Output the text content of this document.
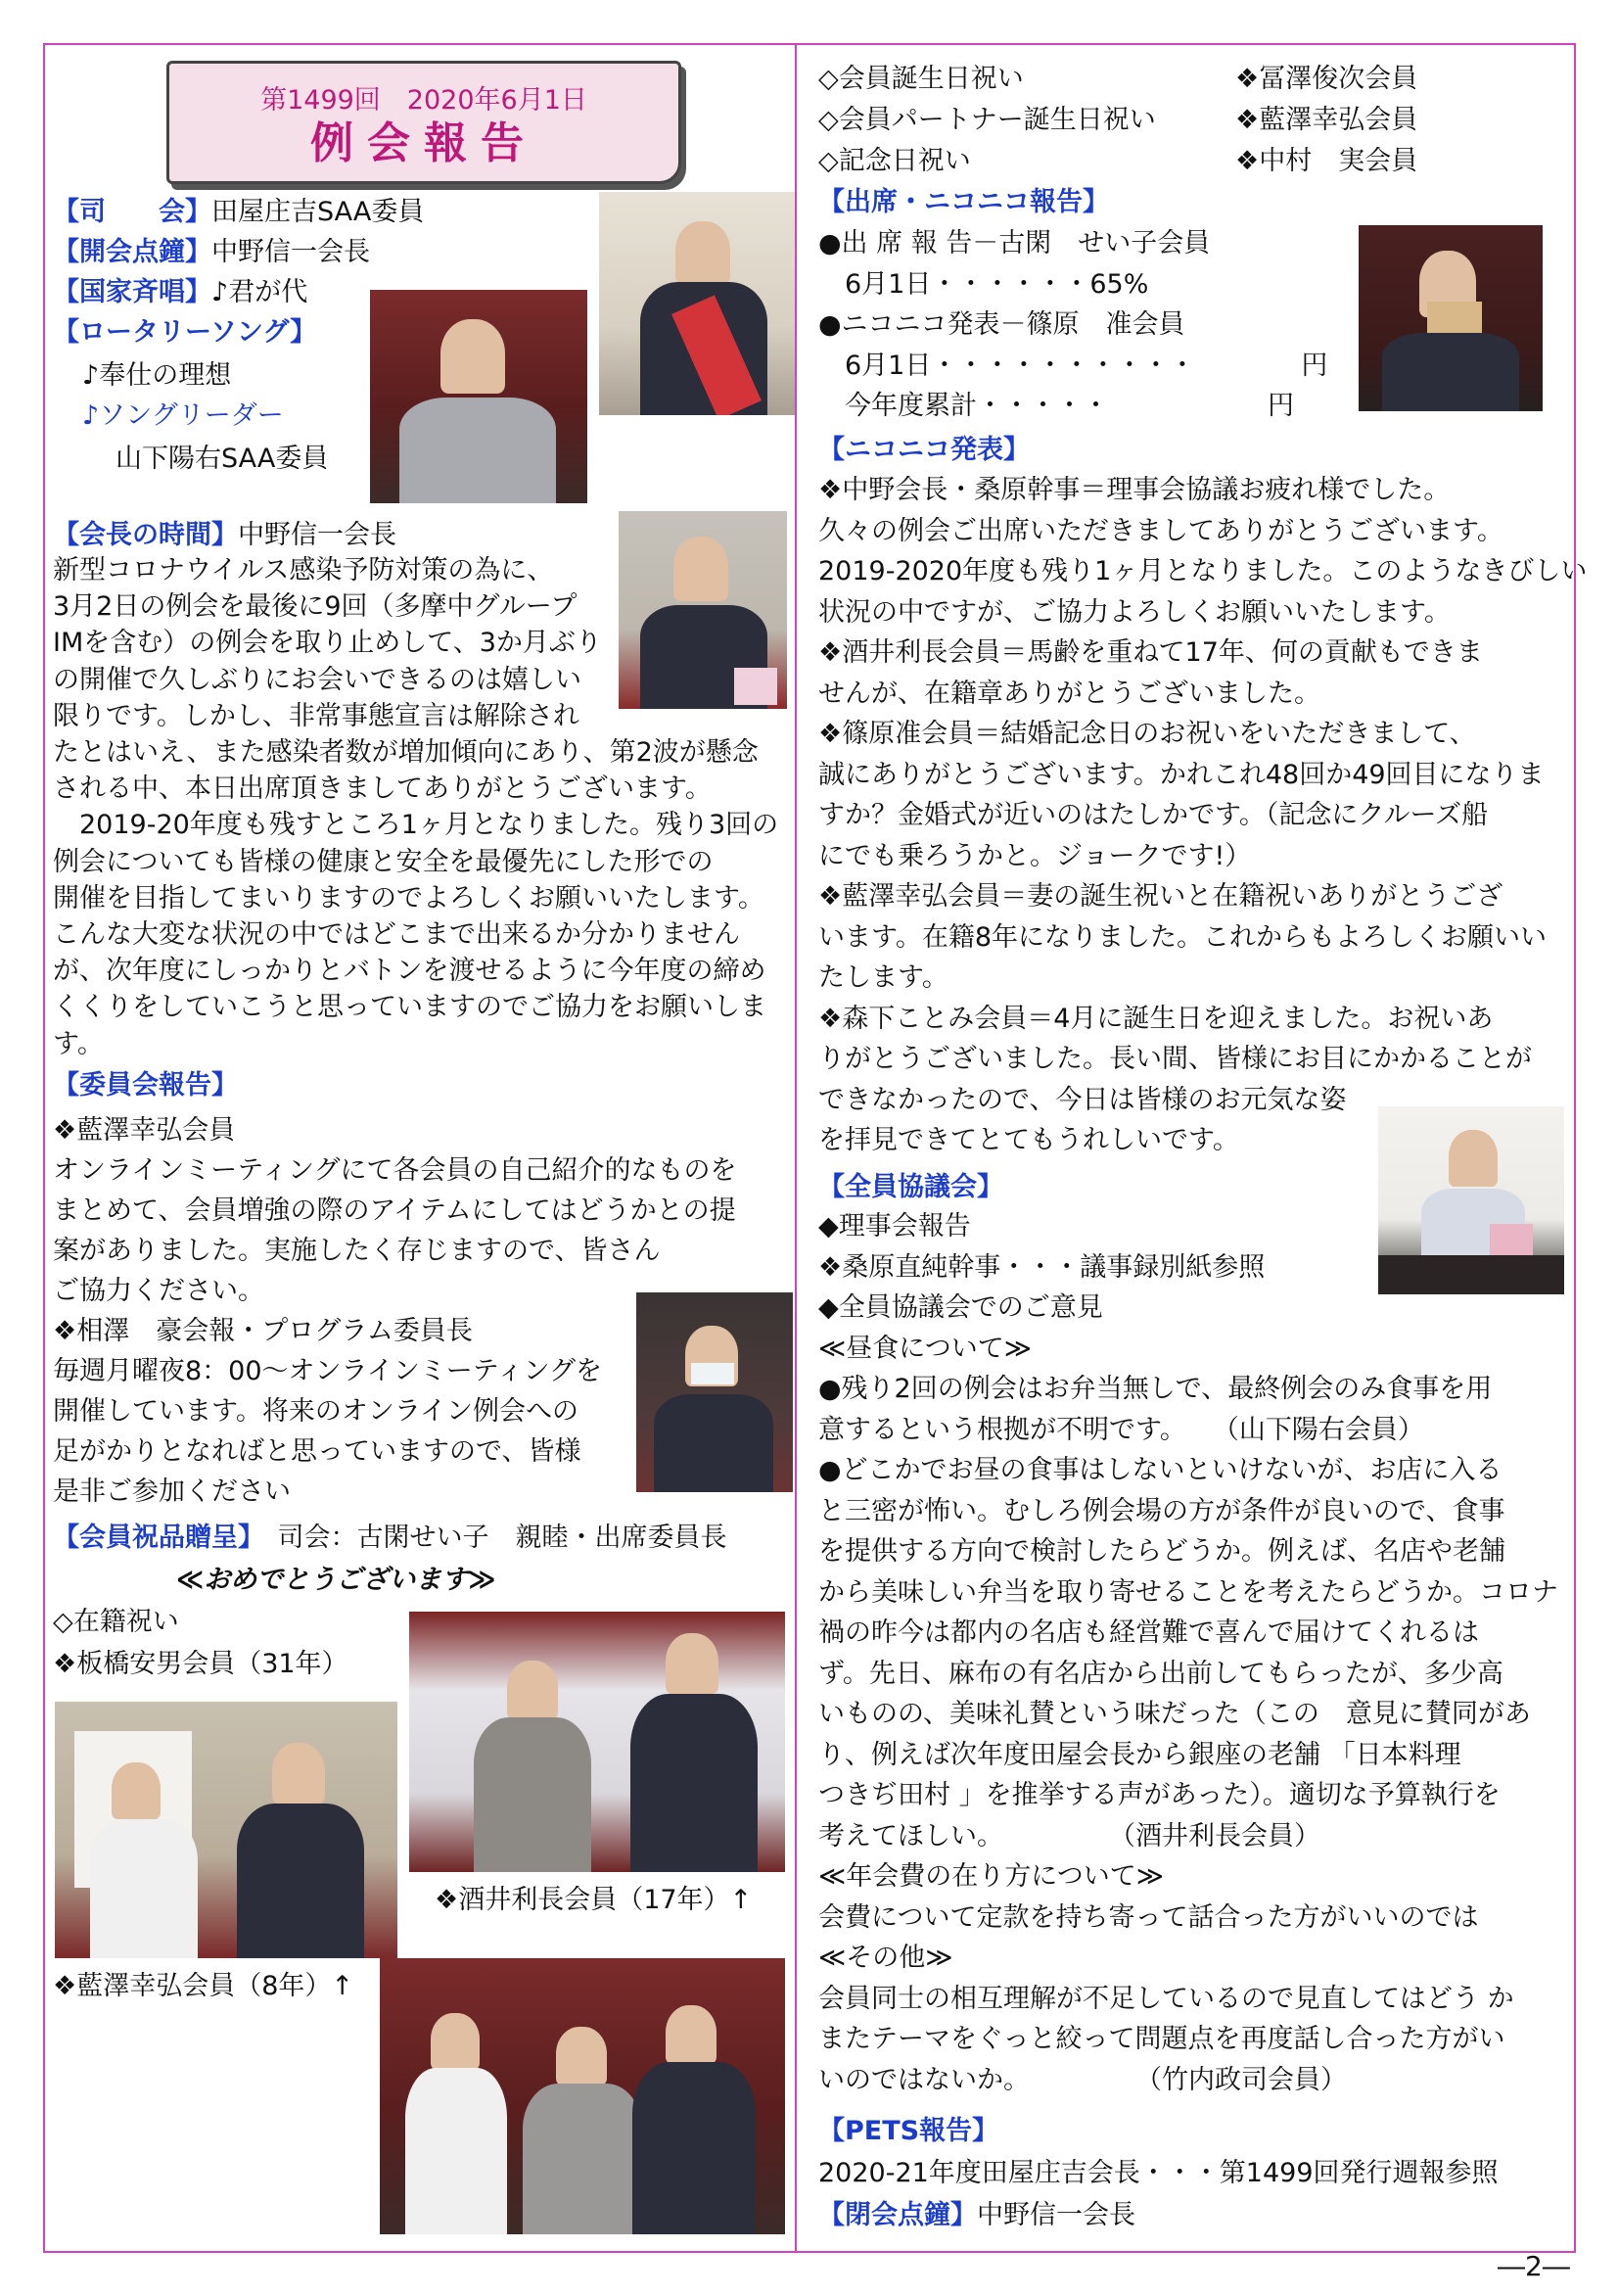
第1499回　2020年6月1日
例会報告
【司　　会】田屋庄吉SAA委員
【開会点鐘】中野信一会長
【国家斉唱】♪君が代
【ロータリーソング】
♪奉仕の理想
♪ソングリーダー
山下陽右SAA委員
【会長の時間】中野信一会長
新型コロナウイルス感染予防対策の為に、
3月2日の例会を最後に9回（多摩中グループ
IMを含む）の例会を取り止めして、3か月ぶり
の開催で久しぶりにお会いできるのは嬉しい
限りです。しかし、非常事態宣言は解除され
たとはいえ、また感染者数が増加傾向にあり、第2波が懸念
される中、本日出席頂きましてありがとうございます。
　2019-20年度も残すところ1ヶ月となりました。残り3回の
例会についても皆様の健康と安全を最優先にした形での
開催を目指してまいりますのでよろしくお願いいたします。
こんな大変な状況の中ではどこまで出来るか分かりません
が、次年度にしっかりとバトンを渡せるように今年度の締め
くくりをしていこうと思っていますのでご協力をお願いしま
す。
【委員会報告】
❖藍澤幸弘会員
オンラインミーティングにて各会員の自己紹介的なものを
まとめて、会員増強の際のアイテムにしてはどうかとの提
案がありました。実施したく存じますので、皆さん
ご協力ください。
❖相澤　豪会報・プログラム委員長
毎週月曜夜8：00～オンラインミーティングを
開催しています。将来のオンライン例会への
足がかりとなればと思っていますので、皆様
是非ご参加ください
【会員祝品贈呈】　司会：古閑せい子　親睦・出席委員長
≪おめでとうございます≫
◇在籍祝い
❖板橋安男会員（31年）
❖酒井利長会員（17年）↑
❖藍澤幸弘会員（8年）↑
◇会員誕生日祝い	❖冨澤俊次会員
◇会員パートナー誕生日祝い	❖藍澤幸弘会員
◇記念日祝い	❖中村　実会員
【出席・ニコニコ報告】
●出 席 報 告－古閑　せい子会員
　6月1日・・・・・・65%
●ニコニコ発表－篠原　准会員
　6月1日・・・・・・・・・・　　　　円
　今年度累計・・・・・　　　　　　円
【ニコニコ発表】
❖中野会長・桑原幹事＝理事会協議お疲れ様でした。
久々の例会ご出席いただきましてありがとうございます。
2019-2020年度も残り1ヶ月となりました。このようなきびしい
状況の中ですが、ご協力よろしくお願いいたします。
❖酒井利長会員＝馬齢を重ねて17年、何の貢献もできま
せんが、在籍章ありがとうございました。
❖篠原准会員＝結婚記念日のお祝いをいただきまして、
誠にありがとうございます。かれこれ48回か49回目になりま
すか？金婚式が近いのはたしかです。（記念にクルーズ船
にでも乗ろうかと。ジョークです!）
❖藍澤幸弘会員＝妻の誕生祝いと在籍祝いありがとうござ
います。在籍8年になりました。これからもよろしくお願いい
たします。
❖森下ことみ会員＝4月に誕生日を迎えました。お祝いあ
りがとうございました。長い間、皆様にお目にかかることが
できなかったので、今日は皆様のお元気な姿
を拝見できてとてもうれしいです。
【全員協議会】
◆理事会報告
❖桑原直純幹事・・・議事録別紙参照
◆全員協議会でのご意見
≪昼食について≫
●残り2回の例会はお弁当無しで、最終例会のみ食事を用
意するという根拠が不明です。　　（山下陽右会員）
●どこかでお昼の食事はしないといけないが、お店に入る
と三密が怖い。むしろ例会場の方が条件が良いので、食事
を提供する方向で検討したらどうか。例えば、名店や老舗
から美味しい弁当を取り寄せることを考えたらどうか。コロナ
禍の昨今は都内の名店も経営難で喜んで届けてくれるは
ず。先日、麻布の有名店から出前してもらったが、多少高
いものの、美味礼賛という味だった（この　意見に賛同があ
り、例えば次年度田屋会長から銀座の老舗 「日本料理
つきぢ田村 」を推挙する声があった）。適切な予算執行を
考えてほしい。　　　　　（酒井利長会員）
≪年会費の在り方について≫
会費について定款を持ち寄って話合った方がいいのでは
≪その他≫
会員同士の相互理解が不足しているので見直してはどう か
またテーマをぐっと絞って問題点を再度話し合った方がい
いのではないか。　　　　　（竹内政司会員）
【PETS報告】
2020-21年度田屋庄吉会長・・・第1499回発行週報参照
【閉会点鐘】中野信一会長
―2―
